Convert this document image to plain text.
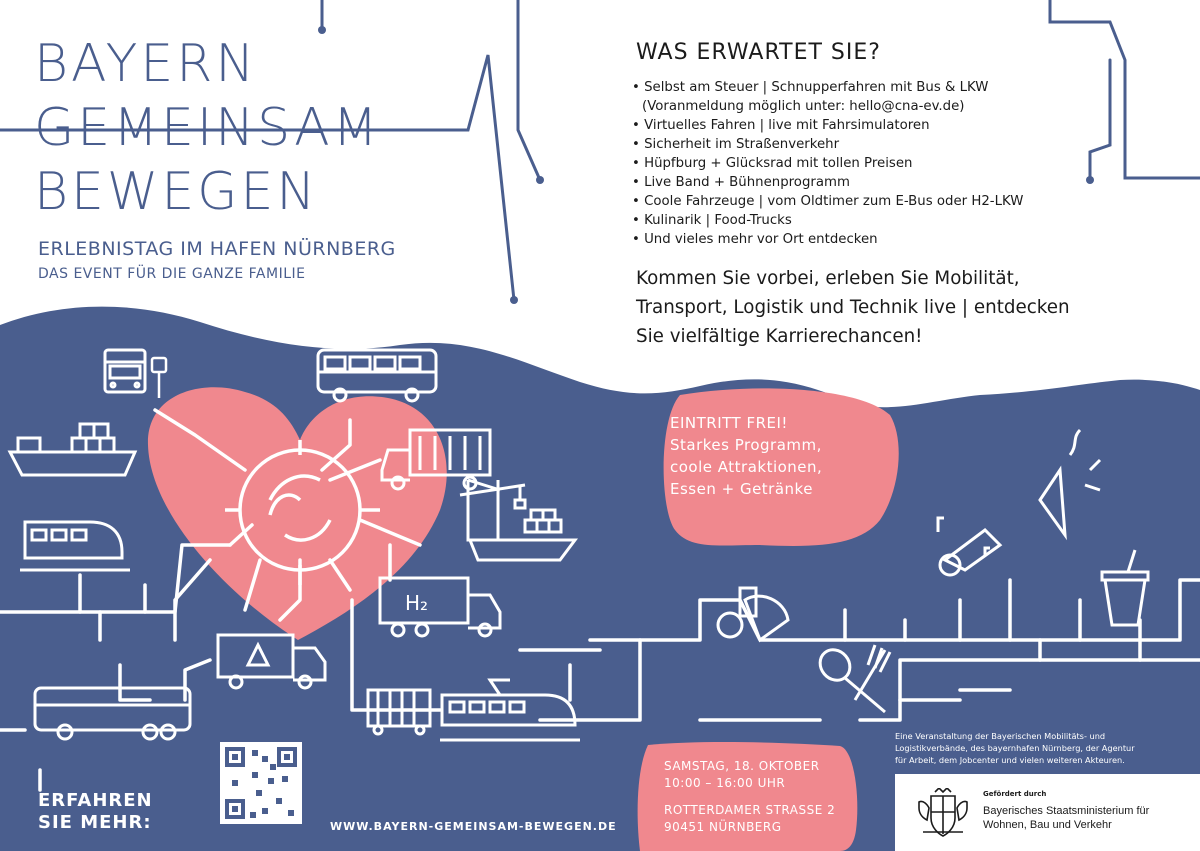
H₂
BAYERN
GEMEINSAM
BEWEGEN
ERLEBNISTAG IM HAFEN NÜRNBERG
DAS EVENT FÜR DIE GANZE FAMILIE
WAS ERWARTET SIE?
• Selbst am Steuer | Schnupperfahren mit Bus & LKW
(Voranmeldung möglich unter: hello@cna-ev.de)
• Virtuelles Fahren | live mit Fahrsimulatoren
• Sicherheit im Straßenverkehr
• Hüpfburg + Glücksrad mit tollen Preisen
• Live Band + Bühnenprogramm
• Coole Fahrzeuge | vom Oldtimer zum E-Bus oder H2-LKW
• Kulinarik | Food-Trucks
• Und vieles mehr vor Ort entdecken
Kommen Sie vorbei, erleben Sie Mobilität,
Transport, Logistik und Technik live | entdecken
Sie vielfältige Karrierechancen!
EINTRITT FREI!
Starkes Programm,
coole Attraktionen,
Essen + Getränke
SAMSTAG, 18. OKTOBER
10:00 – 16:00 UHR
ROTTERDAMER STRASSE 2
90451 NÜRNBERG
ERFAHREN
SIE MEHR:	WWW.BAYERN-GEMEINSAM-BEWEGEN.DE
Eine Veranstaltung der Bayerischen Mobilitäts- und
Logistikverbände, des bayernhafen Nürnberg, der Agentur
für Arbeit, dem Jobcenter und vielen weiteren Akteuren.
Gefördert durch
Bayerisches Staatsministerium für
Wohnen, Bau und Verkehr
